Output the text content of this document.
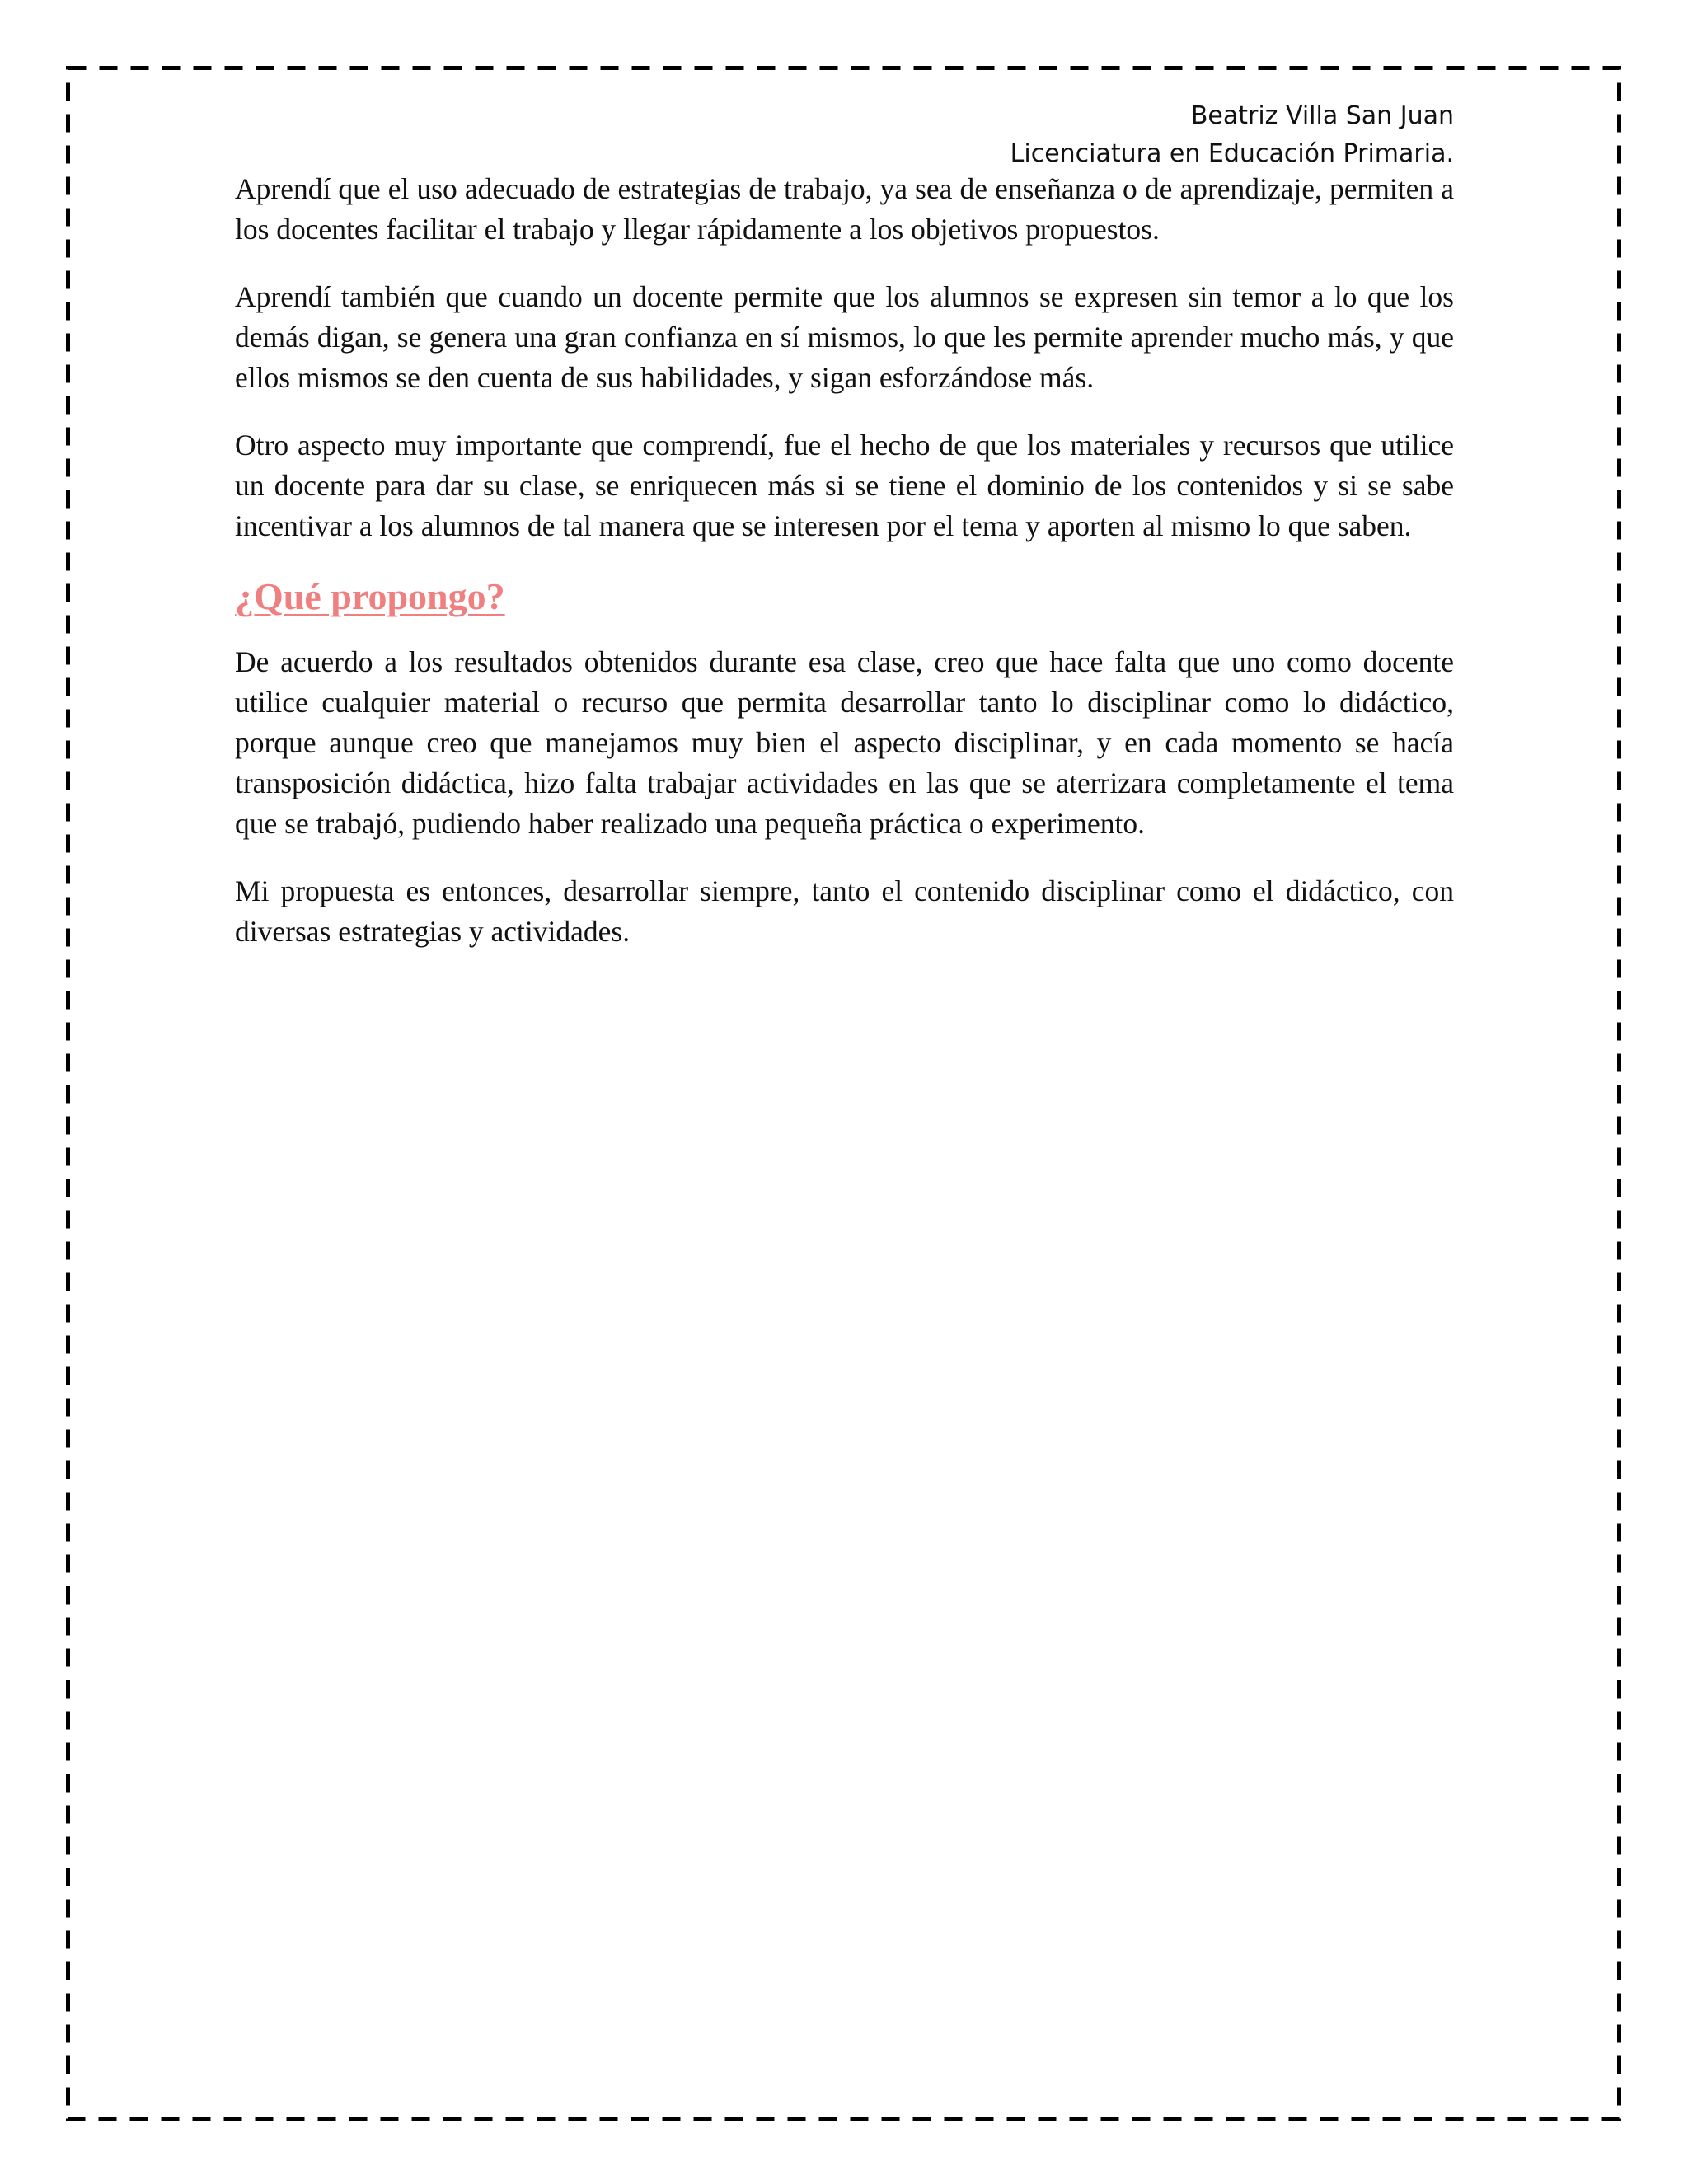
Beatriz Villa San Juan
Licenciatura en Educación Primaria.

Aprendí que el uso adecuado de estrategias de trabajo, ya sea de enseñanza o de aprendizaje, permiten a los docentes facilitar el trabajo y llegar rápidamente a los objetivos propuestos.

Aprendí también que cuando un docente permite que los alumnos se expresen sin temor a lo que los demás digan, se genera una gran confianza en sí mismos, lo que les permite aprender mucho más, y que ellos mismos se den cuenta de sus habilidades, y sigan esforzándose más.

Otro aspecto muy importante que comprendí, fue el hecho de que los materiales y recursos que utilice un docente para dar su clase, se enriquecen más si se tiene el dominio de los contenidos y si se sabe incentivar a los alumnos de tal manera que se interesen por el tema y aporten al mismo lo que saben.

¿Qué propongo?

De acuerdo a los resultados obtenidos durante esa clase, creo que hace falta que uno como docente utilice cualquier material o recurso que permita desarrollar tanto lo disciplinar como lo didáctico, porque aunque creo que manejamos muy bien el aspecto disciplinar, y en cada momento se hacía transposición didáctica, hizo falta trabajar actividades en las que se aterrizara completamente el tema que se trabajó, pudiendo haber realizado una pequeña práctica o experimento.

Mi propuesta es entonces, desarrollar siempre, tanto el contenido disciplinar como el didáctico, con diversas estrategias y actividades.
